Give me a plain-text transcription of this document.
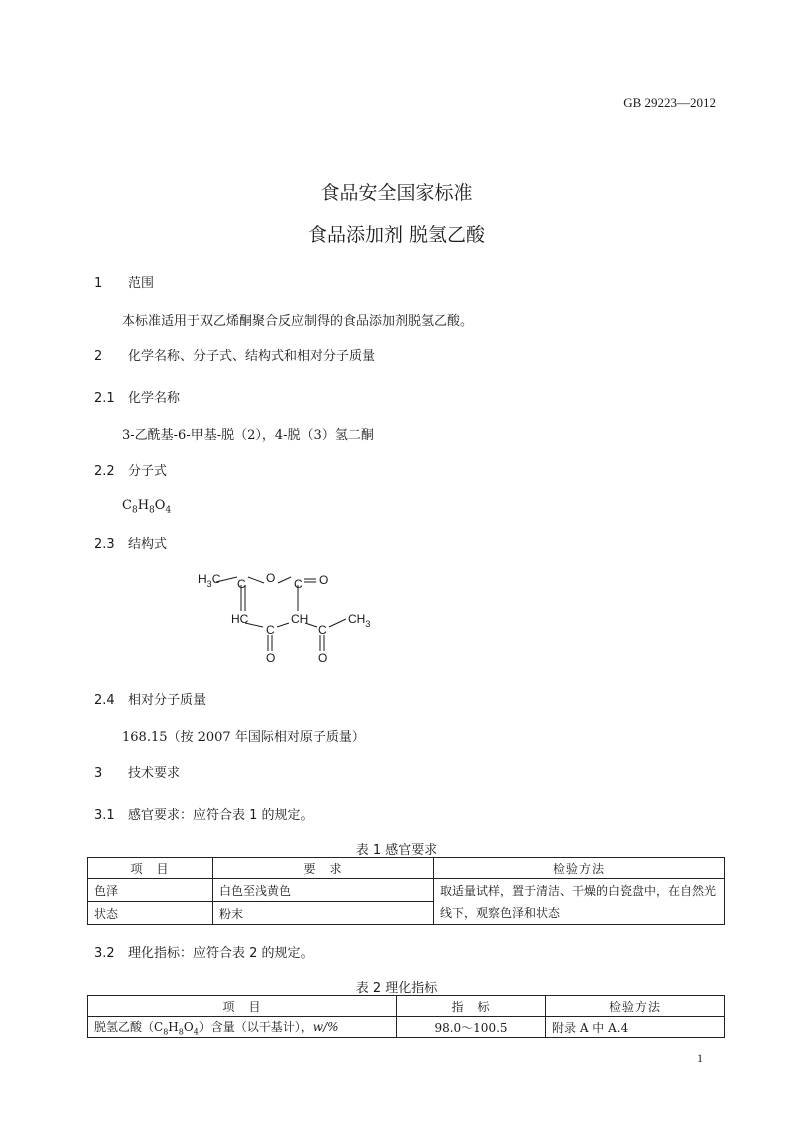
GB 29223—2012
食品安全国家标准
食品添加剂 脱氢乙酸
1 范围
本标准适用于双乙烯酮聚合反应制得的食品添加剂脱氢乙酸。
2 化学名称、分子式、结构式和相对分子质量
2.1 化学名称
3-乙酰基-6-甲基-脱（2），4-脱（3）氢二酮
2.2 分子式
$C_8H_8O_4$
2.3 结构式
$H_3C$ C O C O
HC	CH
C	C
O	O
$CH_3$
2.4 相对分子质量
168.15（按 2007 年国际相对原子质量）
3 技术要求
3.1 感官要求：应符合表 1 的规定。
表 1 感官要求
项　目	要　求	检验方法
色泽	白色至浅黄色	取适量试样，置于清洁、干燥的白瓷盘中，在自然光线下，观察色泽和状态
状态	粉末	
3.2 理化指标：应符合表 2 的规定。
表 2 理化指标
项　目	指　标	检验方法
脱氢乙酸$(C_8H_8O_4)$含量（以干基计），w/%	98.0～100.5	附录 A 中 A.4
1
